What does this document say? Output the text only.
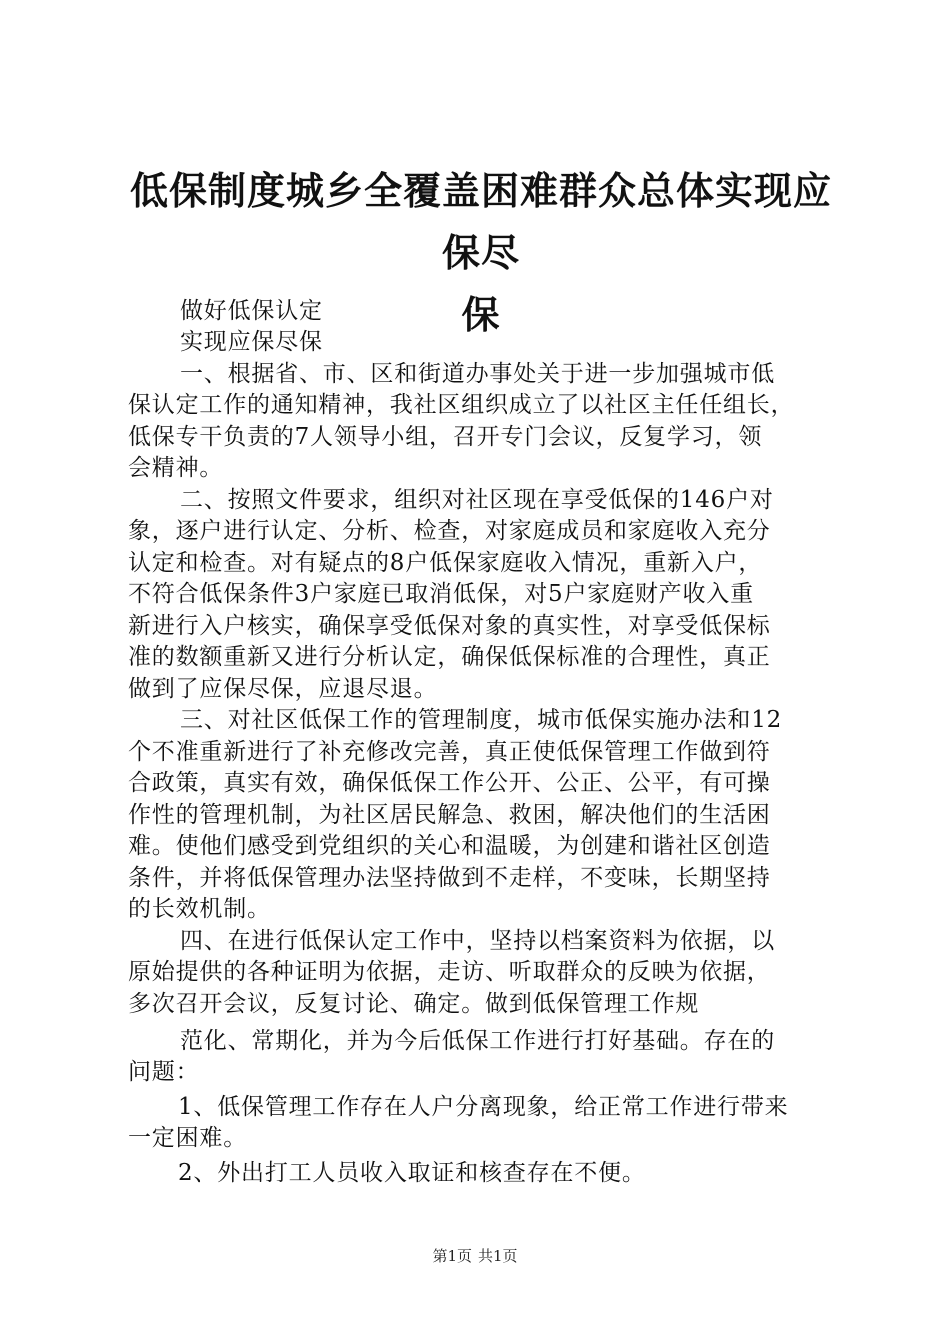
低保制度城乡全覆盖困难群众总体实现应保尽
保
做好低保认定
实现应保尽保
一、根据省、市、区和街道办事处关于进一步加强城市低
保认定工作的通知精神，我社区组织成立了以社区主任任组长，
低保专干负责的7人领导小组，召开专门会议，反复学习，领
会精神。
二、按照文件要求，组织对社区现在享受低保的146户对
象，逐户进行认定、分析、检查，对家庭成员和家庭收入充分
认定和检查。对有疑点的8户低保家庭收入情况，重新入户，
不符合低保条件3户家庭已取消低保，对5户家庭财产收入重
新进行入户核实，确保享受低保对象的真实性，对享受低保标
准的数额重新又进行分析认定，确保低保标准的合理性，真正
做到了应保尽保，应退尽退。
三、对社区低保工作的管理制度，城市低保实施办法和12
个不准重新进行了补充修改完善，真正使低保管理工作做到符
合政策，真实有效，确保低保工作公开、公正、公平，有可操
作性的管理机制，为社区居民解急、救困，解决他们的生活困
难。使他们感受到党组织的关心和温暖，为创建和谐社区创造
条件，并将低保管理办法坚持做到不走样，不变味，长期坚持
的长效机制。
四、在进行低保认定工作中，坚持以档案资料为依据，以
原始提供的各种证明为依据，走访、听取群众的反映为依据，
多次召开会议，反复讨论、确定。做到低保管理工作规
范化、常期化，并为今后低保工作进行打好基础。存在的
问题：
1、低保管理工作存在人户分离现象，给正常工作进行带来
一定困难。
2、外出打工人员收入取证和核查存在不便。
第1页 共1页
